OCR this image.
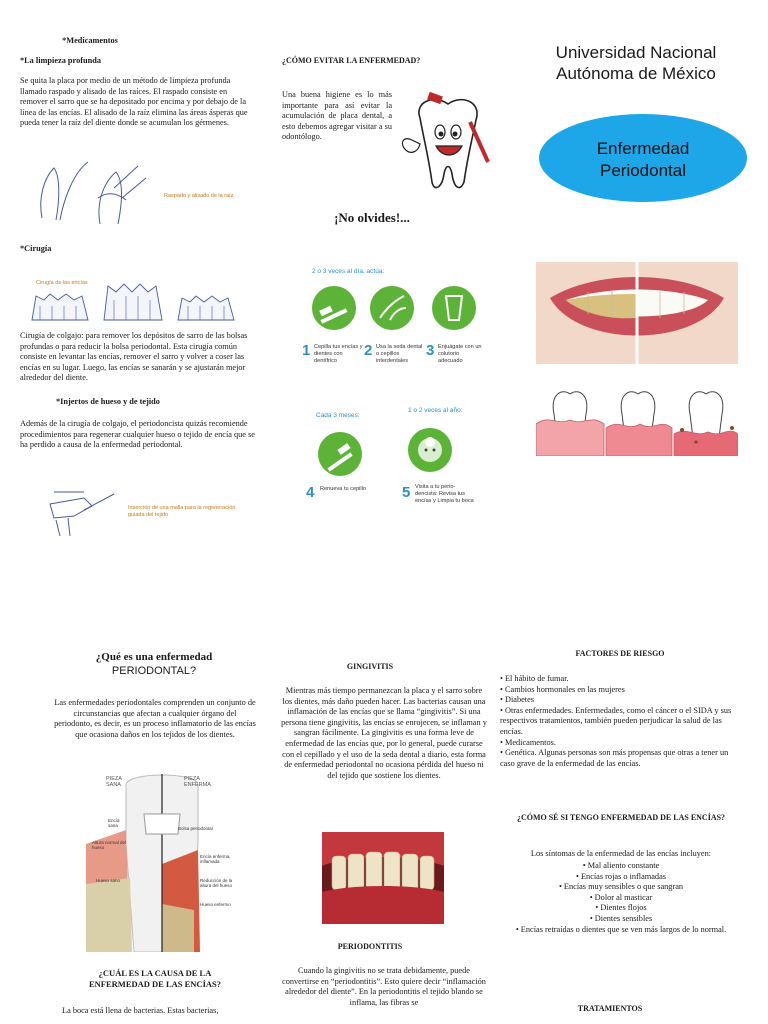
*Medicamentos
*La limpieza profunda
Se quita la placa por medio de un método de limpieza profunda llamado raspado y alisado de las raíces. El raspado consiste en remover el sarro que se ha depositado por encima y por debajo de la línea de las encías. El alisado de la raíz elimina las áreas ásperas que pueda tener la raíz del diente donde se acumulan los gérmenes.
Raspado y alisado de la raíz
*Cirugía
Cirugía de las encías
Cirugía de colgajo: para remover los depósitos de sarro de las bolsas profundas o para reducir la bolsa periodontal. Esta cirugía común consiste en levantar las encías, remover el sarro y volver a coser las encías en su lugar. Luego, las encías se sanarán y se ajustarán mejor alrededor del diente.
*Injertos de hueso y de tejido
Además de la cirugía de colgajo, el periodoncista quizás recomiende procedimientos para regenerar cualquier hueso o tejido de encía que se ha perdido a causa de la enfermedad periodontal.
Inserción de una malla para la regeneración guiada del tejido
¿CÓMO EVITAR LA ENFERMEDAD?
Una buena higiene es lo más importante para así evitar la acumulación de placa dental, a esto debemos agregar visitar a su odontólogo.
¡No olvides!...
2 o 3 veces al día, actúa:
1 Cepilla tus encías y dientes con dentífrico
2 Usa la seda dental o cepillos interdentales
3 Enjuágate con un colutorio adecuado
Cada 3 meses:
1 o 2 veces al año:
4 Renueva tu cepillo 5 Visita a tu perio-dencista: Revisa tus encías y Limpia tu boca
Universidad Nacional Autónoma de México
Enfermedad Periodontal
¿Qué es una enfermedad
PERIODONTAL?
Las enfermedades periodontales comprenden un conjunto de circunstancias que afectan a cualquier órgano del periodonto, es decir, es un proceso inflamatorio de las encías que ocasiona daños en los tejidos de los dientes.
PIEZA SANA
PIEZA ENFERMA
Encía sana
Altura normal del hueso
Hueso sano
Bolsa periodontal
Encía enferma, inflamada
Reducción de la altura del hueso
Hueso enfermo
¿CUÁL ES LA CAUSA DE LA ENFERMEDAD DE LAS ENCÍAS?
La boca está llena de bacterias. Estas bacterias,
GINGIVITIS
Mientras más tiempo permanezcan la placa y el sarro sobre los dientes, más daño pueden hacer. Las bacterias causan una inflamación de las encías que se llama “gingivitis”. Si una persona tiene gingivitis, las encías se enrojecen, se inflaman y sangran fácilmente. La gingivitis es una forma leve de enfermedad de las encías que, por lo general, puede curarse con el cepillado y el uso de la seda dental a diario, esta forma de enfermedad periodontal no ocasiona pérdida del hueso ni del tejido que sostiene los dientes.
PERIODONTITIS
Cuando la gingivitis no se trata debidamente, puede convertirse en “periodontitis”. Esto quiere decir “inflamación alrededor del diente”. En la periodontitis el tejido blando se inflama, las fibras se
FACTORES DE RIESGO
• El hábito de fumar.
• Cambios hormonales en las mujeres
• Diabetes
• Otras enfermedades. Enfermedades, como el cáncer o el SIDA y sus respectivos tratamientos, también pueden perjudicar la salud de las encías.
• Medicamentos.
• Genética. Algunas personas son más propensas que otras a tener un caso grave de la enfermedad de las encías.
¿CÓMO SÉ SI TENGO ENFERMEDAD DE LAS ENCÍAS?
Los síntomas de la enfermedad de las encías incluyen:
• Mal aliento constante
• Encías rojas o inflamadas
• Encías muy sensibles o que sangran
• Dolor al masticar
• Dientes flojos
• Dientes sensibles
• Encías retraídas o dientes que se ven más largos de lo normal.
TRATAMIENTOS
